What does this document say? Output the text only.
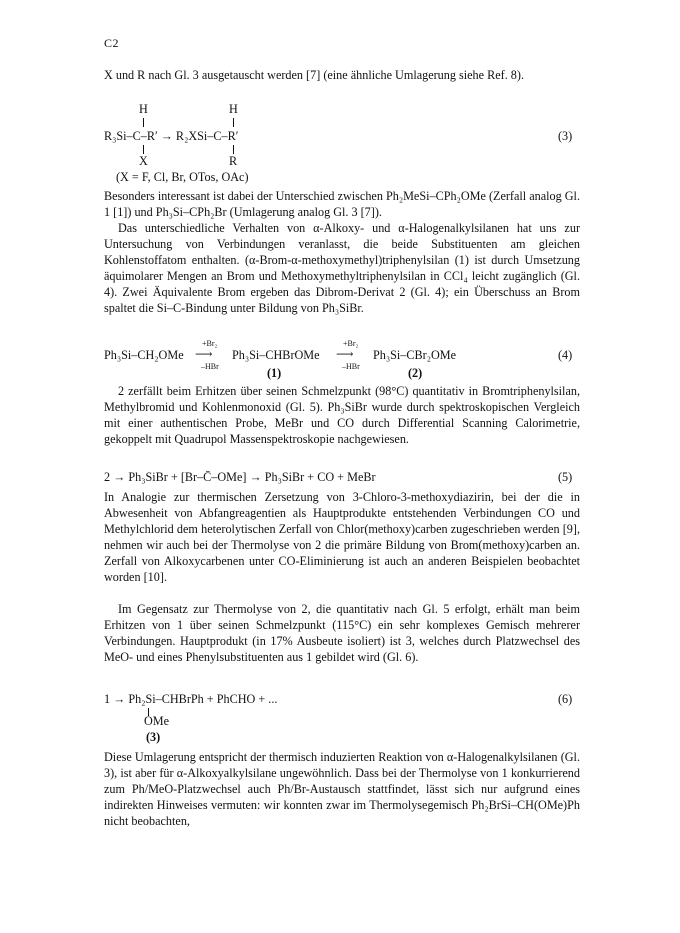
C2
X und R nach Gl. 3 ausgetauscht werden [7] (eine ähnliche Umlagerung siehe Ref. 8).
H	H
R₃Si–C–R′ → R₂XSi–C–R′
X	R
(X = F, Cl, Br, OTos, OAc)
(3)
Besonders interessant ist dabei der Unterschied zwischen Ph₂MeSi–CPh₂OMe (Zerfall analog Gl. 1 [1]) und Ph₃Si–CPh₂Br (Umlagerung analog Gl. 3 [7]).
Das unterschiedliche Verhalten von α-Alkoxy- und α-Halogenalkylsilanen hat uns zur Untersuchung von Verbindungen veranlasst, die beide Substituenten am gleichen Kohlenstoffatom enthalten. (α-Brom-α-methoxymethyl)triphenylsilan (1) ist durch Umsetzung äquimolarer Mengen an Brom und Methoxymethyltriphenylsilan in CCl₄ leicht zugänglich (Gl. 4). Zwei Äquivalente Brom ergeben das Dibrom-Derivat 2 (Gl. 4); ein Überschuss an Brom spaltet die Si–C-Bindung unter Bildung von Ph₃SiBr.
Ph₃Si–CH₂OMe
+Br₂
⟶
–HBr
Ph₃Si–CHBrOMe
+Br₂
⟶
–HBr
Ph₃Si–CBr₂OMe
(1)	(2)
(4)
2 zerfällt beim Erhitzen über seinen Schmelzpunkt (98°C) quantitativ in Bromtriphenylsilan, Methylbromid und Kohlenmonoxid (Gl. 5). Ph₃SiBr wurde durch spektroskopischen Vergleich mit einer authentischen Probe, MeBr und CO durch Differential Scanning Calorimetrie, gekoppelt mit Quadrupol Massenspektroskopie nachgewiesen.
2 → Ph₃SiBr + [Br–C̄–OMe] → Ph₃SiBr + CO + MeBr	(5)
In Analogie zur thermischen Zersetzung von 3-Chloro-3-methoxydiazirin, bei der die in Abwesenheit von Abfangreagentien als Hauptprodukte entstehenden Verbindungen CO und Methylchlorid dem heterolytischen Zerfall von Chlor(methoxy)carben zugeschrieben werden [9], nehmen wir auch bei der Thermolyse von 2 die primäre Bildung von Brom(methoxy)carben an. Zerfall von Alkoxycarbenen unter CO-Eliminierung ist auch an anderen Beispielen beobachtet worden [10].
Im Gegensatz zur Thermolyse von 2, die quantitativ nach Gl. 5 erfolgt, erhält man beim Erhitzen von 1 über seinen Schmelzpunkt (115°C) ein sehr komplexes Gemisch mehrerer Verbindungen. Hauptprodukt (in 17% Ausbeute isoliert) ist 3, welches durch Platzwechsel des MeO- und eines Phenylsubstituenten aus 1 gebildet wird (Gl. 6).
1 → Ph₂Si–CHBrPh + PhCHO + ...
OMe
(3)
(6)
Diese Umlagerung entspricht der thermisch induzierten Reaktion von α-Halogenalkylsilanen (Gl. 3), ist aber für α-Alkoxyalkylsilane ungewöhnlich. Dass bei der Thermolyse von 1 konkurrierend zum Ph/MeO-Platzwechsel auch Ph/Br-Austausch stattfindet, lässt sich nur aufgrund eines indirekten Hinweises vermuten: wir konnten zwar im Thermolysegemisch Ph₂BrSi–CH(OMe)Ph nicht beobachten,
